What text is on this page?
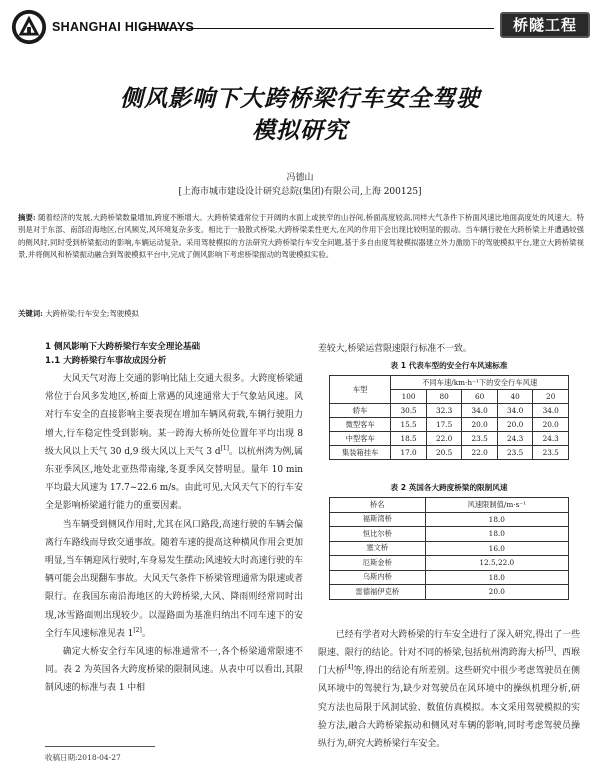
SHANGHAI HIGHWAYS	桥隧工程
侧风影响下大跨桥梁行车安全驾驶
模拟研究
冯德山
[上海市城市建设设计研究总院(集团)有限公司,上海 200125]
摘要: 随着经济的发展,大跨桥梁数量增加,跨度不断增大。大跨桥梁通常位于开阔的水面上或狭窄的山谷间,桥面高度较高,同样大气条件下桥面风速比地面高度处的风速大。特别是对于东部、南部沿海地区,台风频发,风环境复杂多变。相比于一般散式桥梁,大跨桥梁柔性更大,在风的作用下会出现比较明显的振动。当车辆行驶在大跨桥梁上并遭遇较强的侧风时,同时受到桥梁振动的影响,车辆运动复杂。采用驾驶模拟的方法研究大跨桥梁行车安全问题,基于多自由度驾驶模拟器建立外力激励下的驾驶模拟平台,建立大跨桥梁视景,并将侧风和桥梁振动融合到驾驶模拟平台中,完成了侧风影响下考虑桥梁振动的驾驶模拟实验。
关键词: 大跨桥梁;行车安全;驾驶模拟
1 侧风影响下大跨桥梁行车安全理论基础
1.1 大跨桥梁行车事故成因分析

大风天气对海上交通的影响比陆上交通大很多。大跨度桥梁通常位于台风多发地区,桥面上常遇的风速通常大于气象站风速。风对行车安全的直接影响主要表现在增加车辆风荷载,车辆行驶阻力增大,行车稳定性受到影响。某一跨海大桥所处位置年平均出现 8 级大风以上天气 30 d,9 级大风以上天气 3 d[1]。以杭州湾为例,属东亚季风区,地处北亚热带南缘,冬夏季风交替明显。量年 10 min 平均最大风速为 17.7~22.6 m/s。由此可见,大风天气下的行车安全是影响桥梁通行能力的重要因素。

当车辆受到侧风作用时,尤其在风口路段,高速行驶的车辆会偏离行车路线而导致交通事故。随着车速的提高这种横风作用会更加明显,当车辆迎风行驶时,车身易发生摆动;风速较大时高速行驶的车辆可能会出现翻车事故。大风天气条件下桥梁管理通常为限速或者限行。在我国东南沿海地区的大跨桥梁,大风、降雨则经常同时出现,冰雪路面则出现较少。以湿路面为基准归纳出不同车速下的安全行车风速标准见表 1[2]。

确定大桥安全行车风速的标准通常不一,各个桥梁通常限速不同。表 2 为英国各大跨度桥梁的限制风速。从表中可以看出,其限制风速的标准与表 1 中相

差较大,桥梁运营限速限行标准不一致。

表 1 代表车型的安全行车风速标准
车型	不同车速/km·h⁻¹下的安全行车风速				
	100	80	60	40	20
轿车	30.5	32.3	34.0	34.0	34.0
微型客车	15.5	17.5	20.0	20.0	20.0
中型客车	18.5	22.0	23.5	24.3	24.3
集装箱挂车	17.0	20.5	22.0	23.5	23.5
表 2 英国各大跨度桥梁的限制风速
桥名	风速限制值/m·s⁻¹
福斯湾桥	18.0
恒比尔桥	18.0
塞文桥	16.0
厄斯金桥	12.5,22.0
乌斯内桥	18.0
雷德福伊克桥	20.0

已经有学者对大跨桥梁的行车安全进行了深入研究,得出了一些限速、限行的结论。针对不同的桥梁,包括杭州湾跨海大桥[3]、西堠门大桥[4]等,得出的结论有所差别。这些研究中很少考虑驾驶员在侧风环境中的驾驶行为,缺少对驾驶员在风环境中的操纵机理分析,研究方法也局限于风洞试验、数值仿真模拟。本文采用驾驶模拟的实验方法,融合大跨桥梁振动和侧风对车辆的影响,同时考虑驾驶员操纵行为,研究大跨桥梁行车安全。

收稿日期:2018-04-27
